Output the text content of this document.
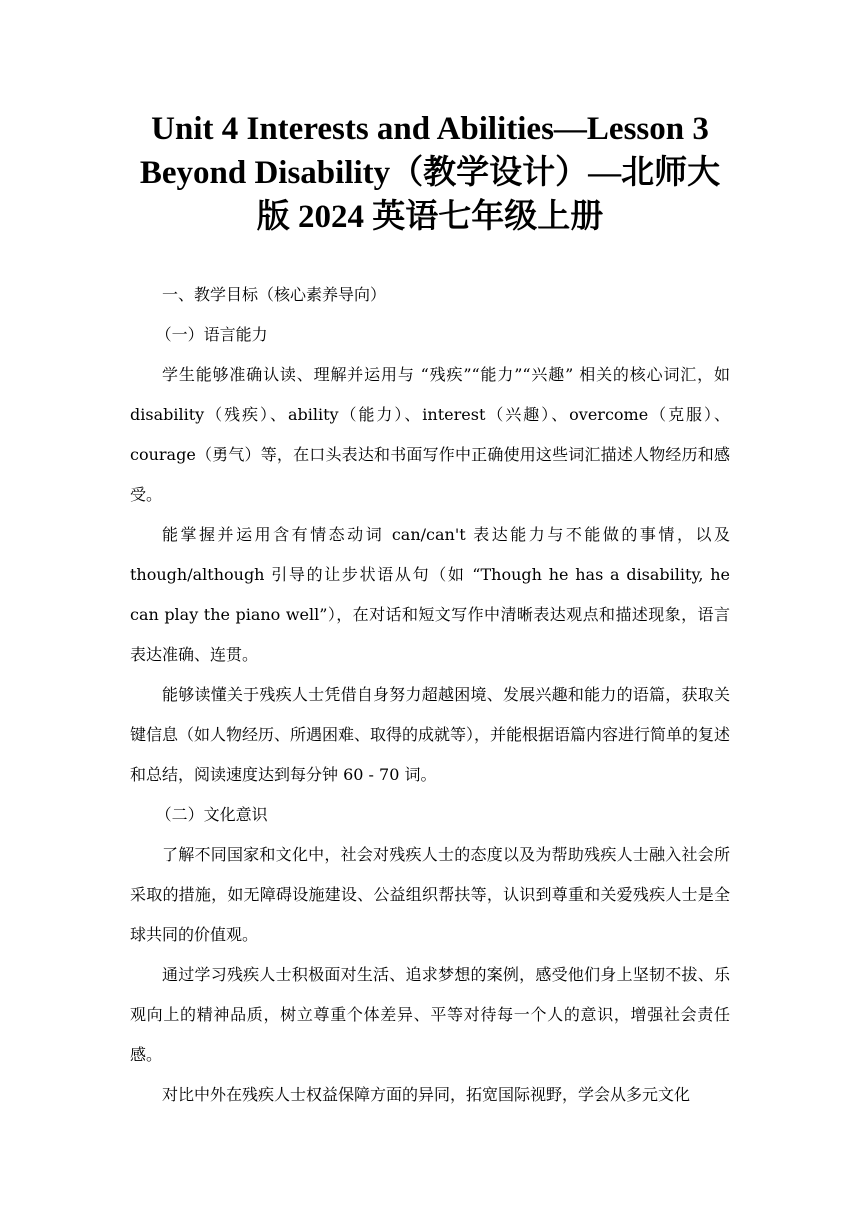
Unit 4 Interests and Abilities—Lesson 3 Beyond Disability（教学设计）—北师大版 2024 英语七年级上册

一、教学目标（核心素养导向）

（一）语言能力

学生能够准确认读、理解并运用与 “残疾”“能力”“兴趣” 相关的核心词汇，如 disability（残疾）、ability（能力）、interest（兴趣）、overcome（克服）、courage（勇气）等，在口头表达和书面写作中正确使用这些词汇描述人物经历和感受。

能掌握并运用含有情态动词 can/can't 表达能力与不能做的事情，以及 though/although 引导的让步状语从句（如 “Though he has a disability, he can play the piano well”），在对话和短文写作中清晰表达观点和描述现象，语言表达准确、连贯。

能够读懂关于残疾人士凭借自身努力超越困境、发展兴趣和能力的语篇，获取关键信息（如人物经历、所遇困难、取得的成就等），并能根据语篇内容进行简单的复述和总结，阅读速度达到每分钟 60 - 70 词。

（二）文化意识

了解不同国家和文化中，社会对残疾人士的态度以及为帮助残疾人士融入社会所采取的措施，如无障碍设施建设、公益组织帮扶等，认识到尊重和关爱残疾人士是全球共同的价值观。

通过学习残疾人士积极面对生活、追求梦想的案例，感受他们身上坚韧不拔、乐观向上的精神品质，树立尊重个体差异、平等对待每一个人的意识，增强社会责任感。

对比中外在残疾人士权益保障方面的异同，拓宽国际视野，学会从多元文化
